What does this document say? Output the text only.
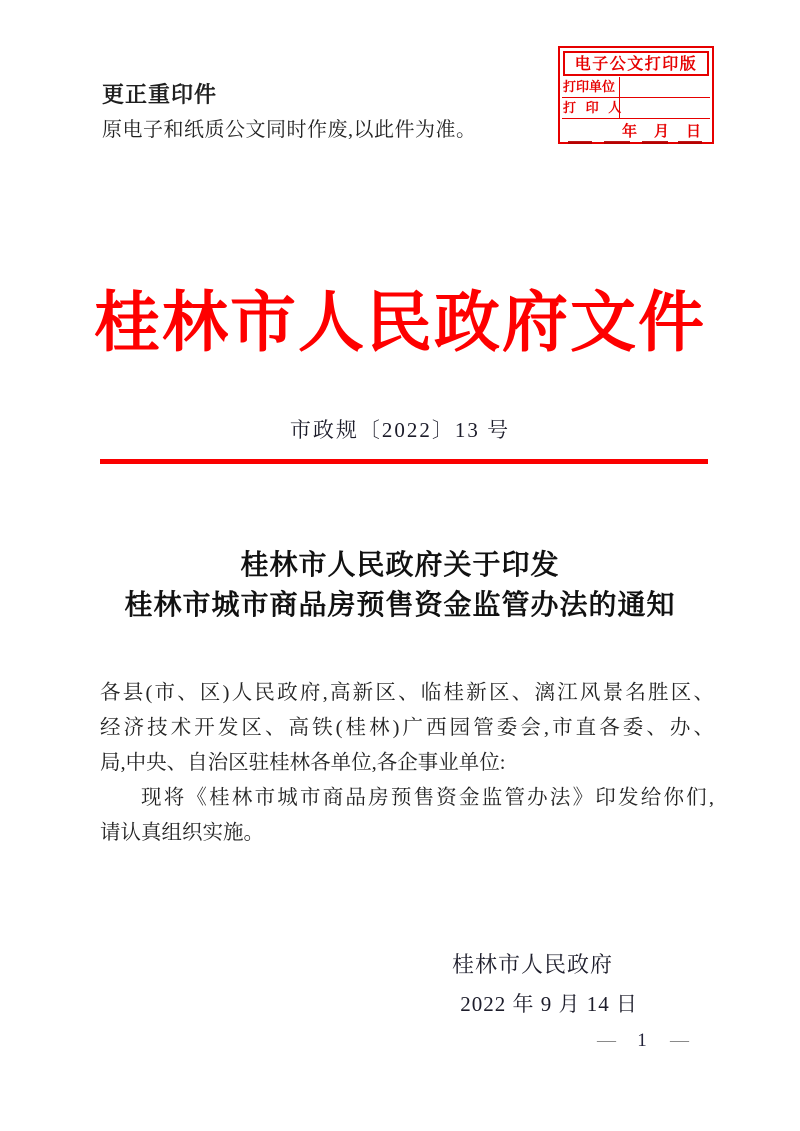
更正重印件
原电子和纸质公文同时作废,以此件为准。
电子公文打印版
打印单位
打 印 人
年 月 日
桂林市人民政府文件
市政规〔2022〕13 号
桂林市人民政府关于印发
桂林市城市商品房预售资金监管办法的通知
各县(市、区)人民政府,高新区、临桂新区、漓江风景名胜区、
经济技术开发区、高铁(桂林)广西园管委会,市直各委、办、
局,中央、自治区驻桂林各单位,各企事业单位:
现将《桂林市城市商品房预售资金监管办法》印发给你们,
请认真组织实施。
桂林市人民政府
2022 年 9 月 14 日
— 1 —
